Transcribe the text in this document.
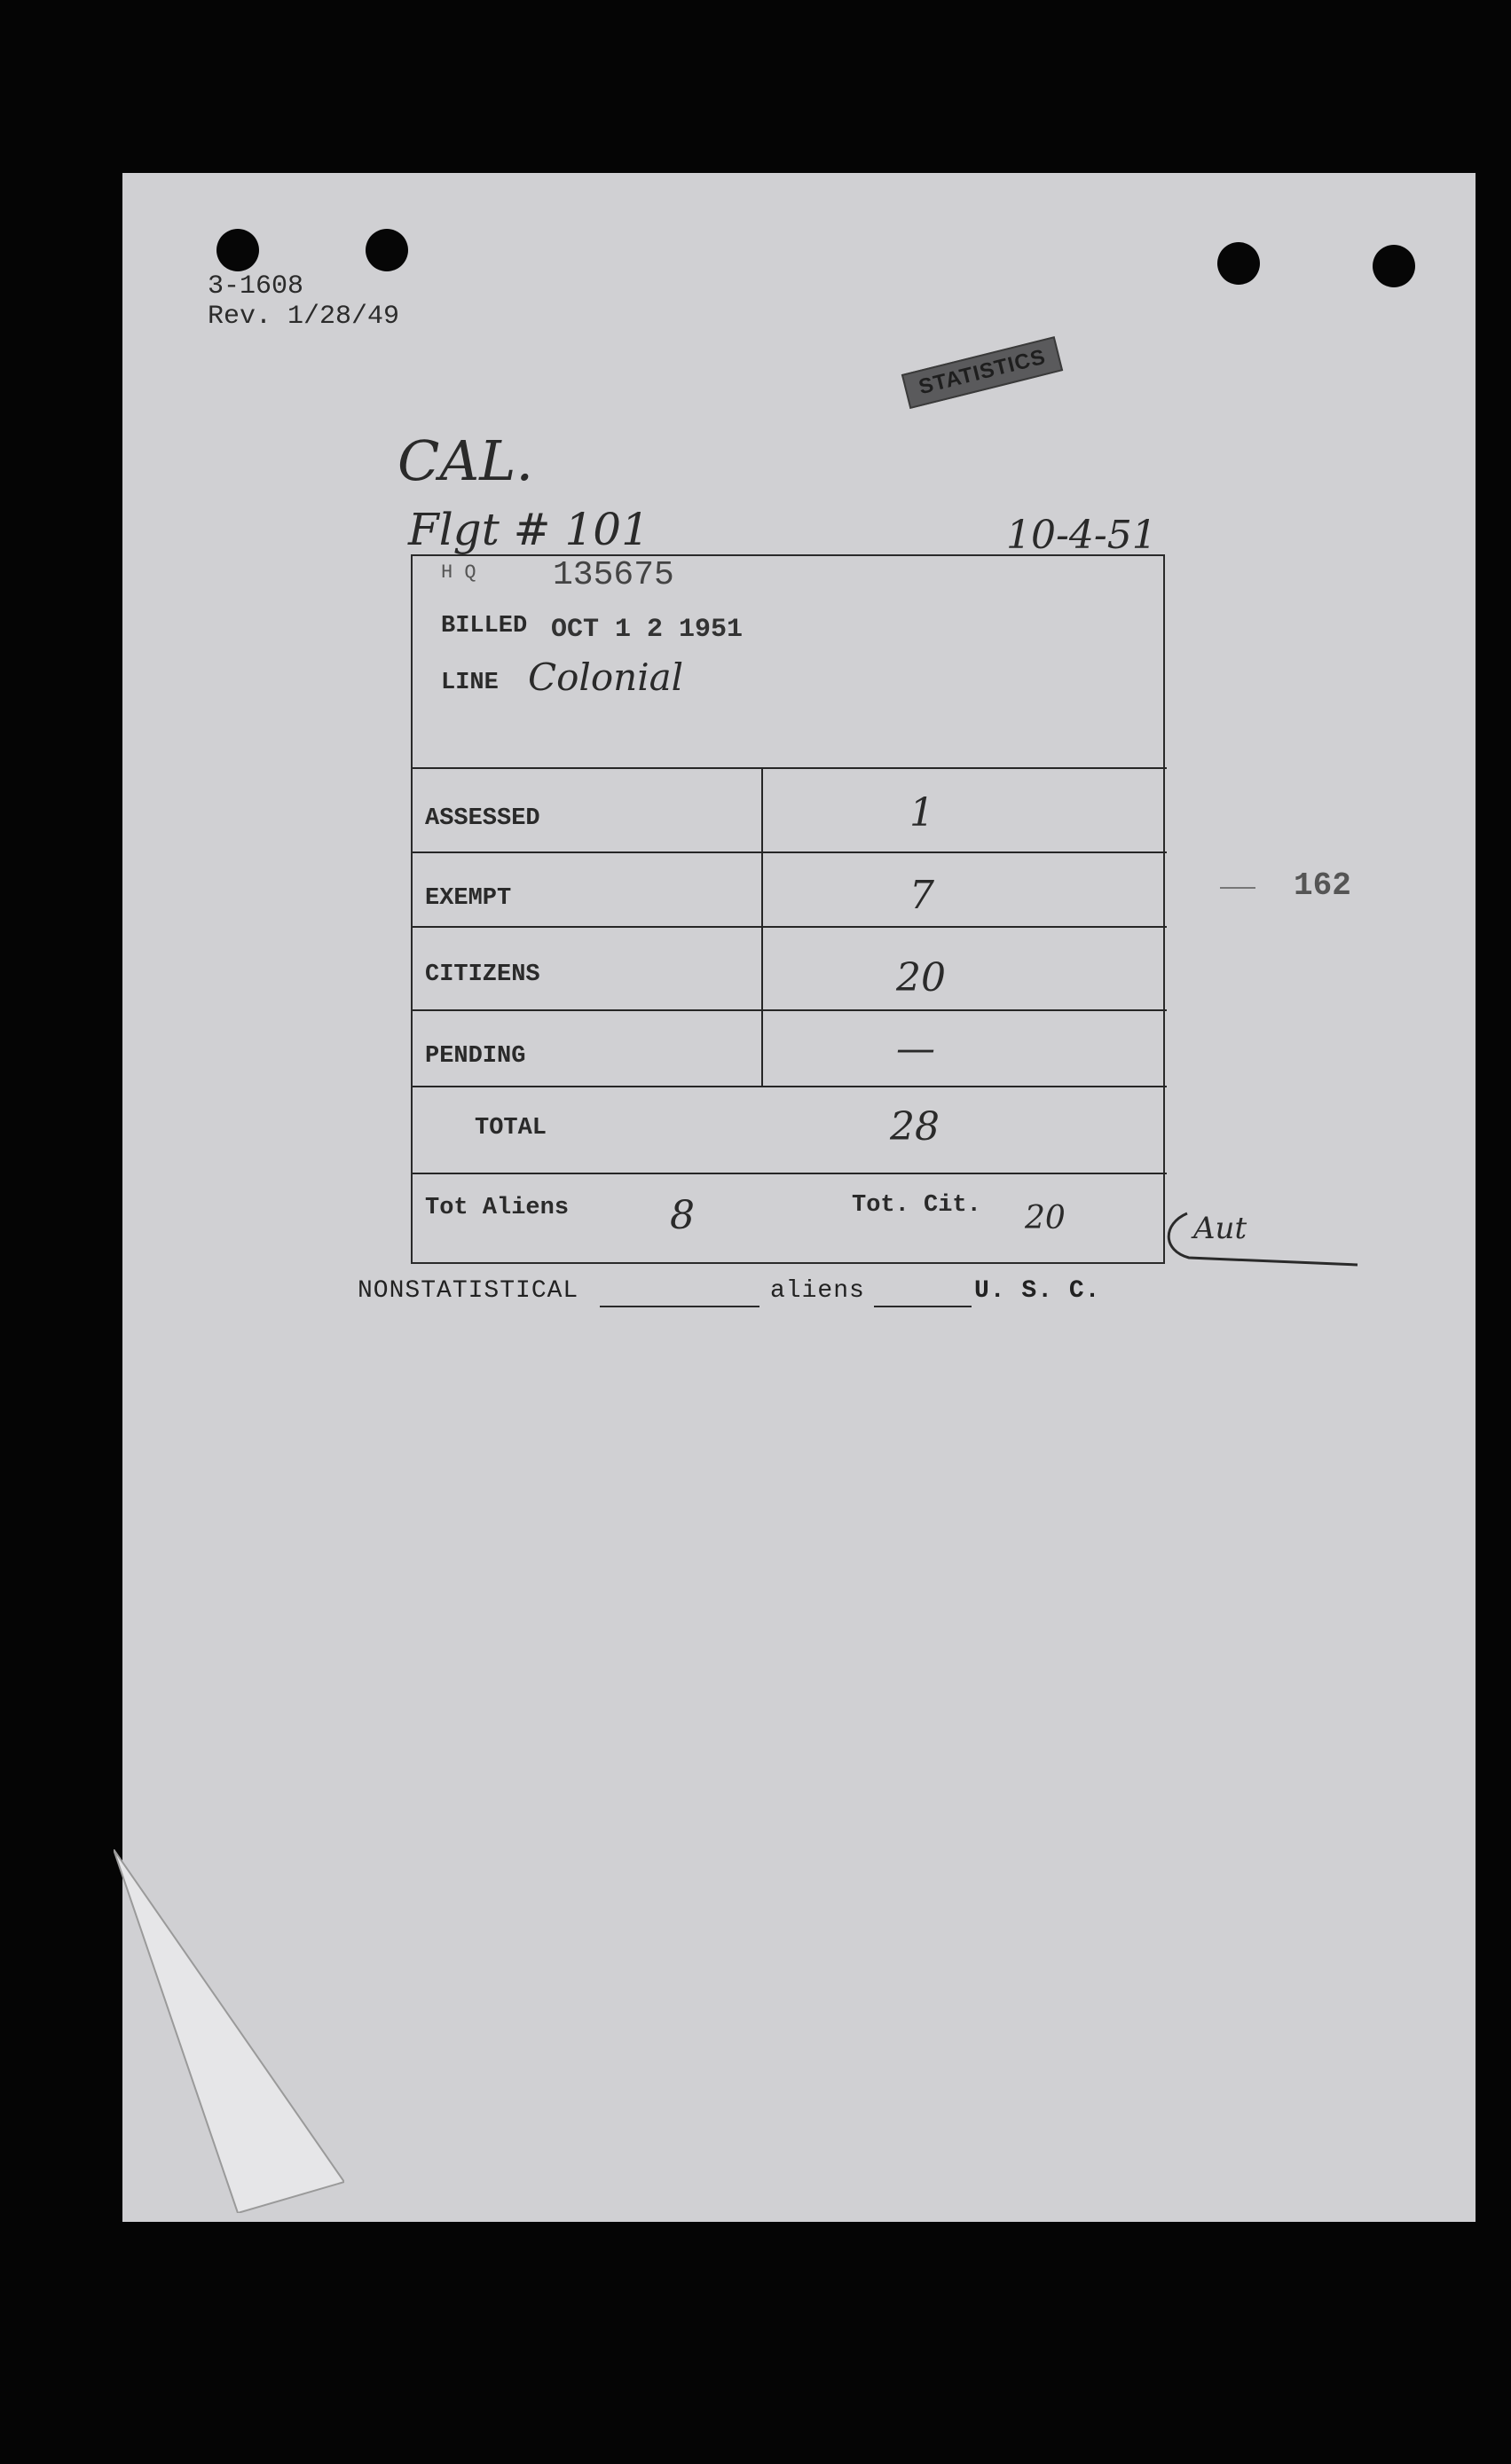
3-1608
Rev. 1/28/49
STATISTICS
CAL.
Flgt # 101	10-4-51
162
H Q 135675
BILLED OCT 1 2 1951
LINE Colonial
ASSESSED	1
EXEMPT	7
CITIZENS	20
PENDING	—
TOTAL	28
Tot Aliens	8	Tot. Cit. 20	Aut
NONSTATISTICAL	aliens	U. S. C.
